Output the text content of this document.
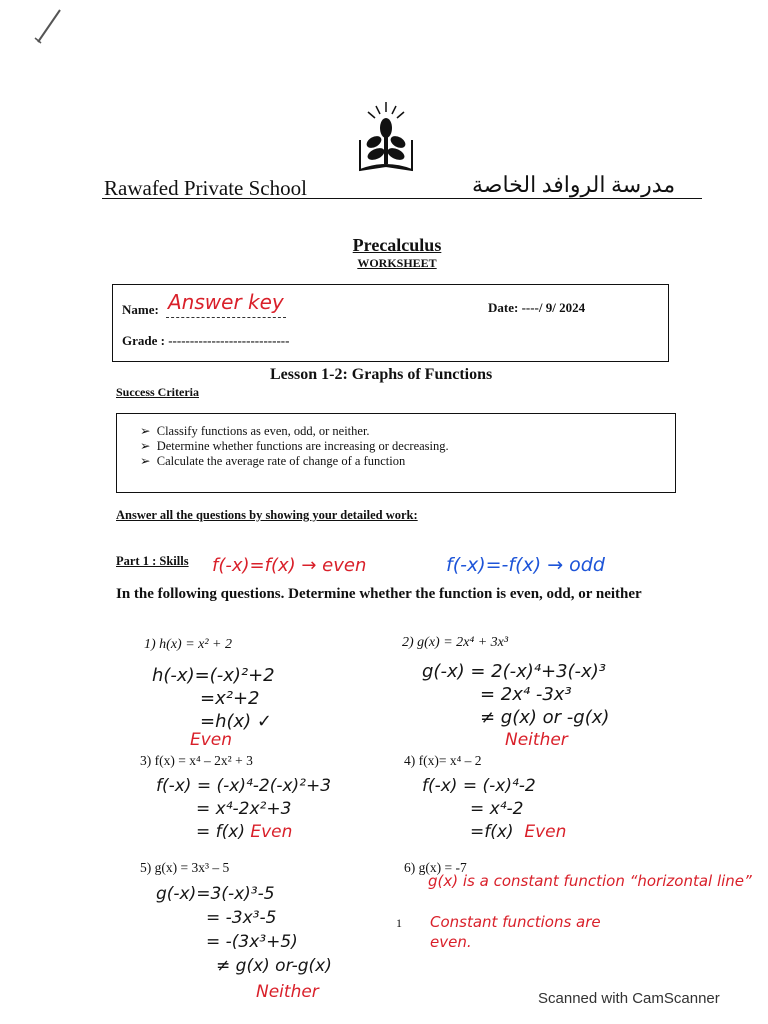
Rawafed Private School	مدرسة الروافد الخاصة
Precalculus
WORKSHEET
Name: Answer key	Date: ----/ 9/ 2024
Grade : ----------------------------
Lesson 1-2: Graphs of Functions
Success Criteria
➢  Classify functions as even, odd, or neither.
➢  Determine whether functions are increasing or decreasing.
➢  Calculate the average rate of change of a function
Answer all the questions by showing your detailed work:
Part 1 : Skills f(-x)=f(x) → even	f(-x)=-f(x) → odd
In the following questions. Determine whether the function is even, odd, or neither
1) h(x) = x² + 2
h(-x)=(-x)²+2
=x²+2
=h(x) ✓
Even
2) g(x) = 2x⁴ + 3x³
g(-x) = 2(-x)⁴+3(-x)³
= 2x⁴ -3x³
≠ g(x) or -g(x)
Neither
3) f(x) = x⁴ – 2x² + 3
f(-x) = (-x)⁴-2(-x)²+3
= x⁴-2x²+3
= f(x) Even
4) f(x)= x⁴ – 2
f(-x) = (-x)⁴-2
= x⁴-2
=f(x) Even
5) g(x) = 3x³ – 5
g(-x)=3(-x)³-5
= -3x³-5
= -(3x³+5)
≠ g(x) or-g(x)
Neither
6) g(x) = -7
g(x) is a constant function “horizontal line”
Constant functions are even.
1
Scanned with CamScanner
